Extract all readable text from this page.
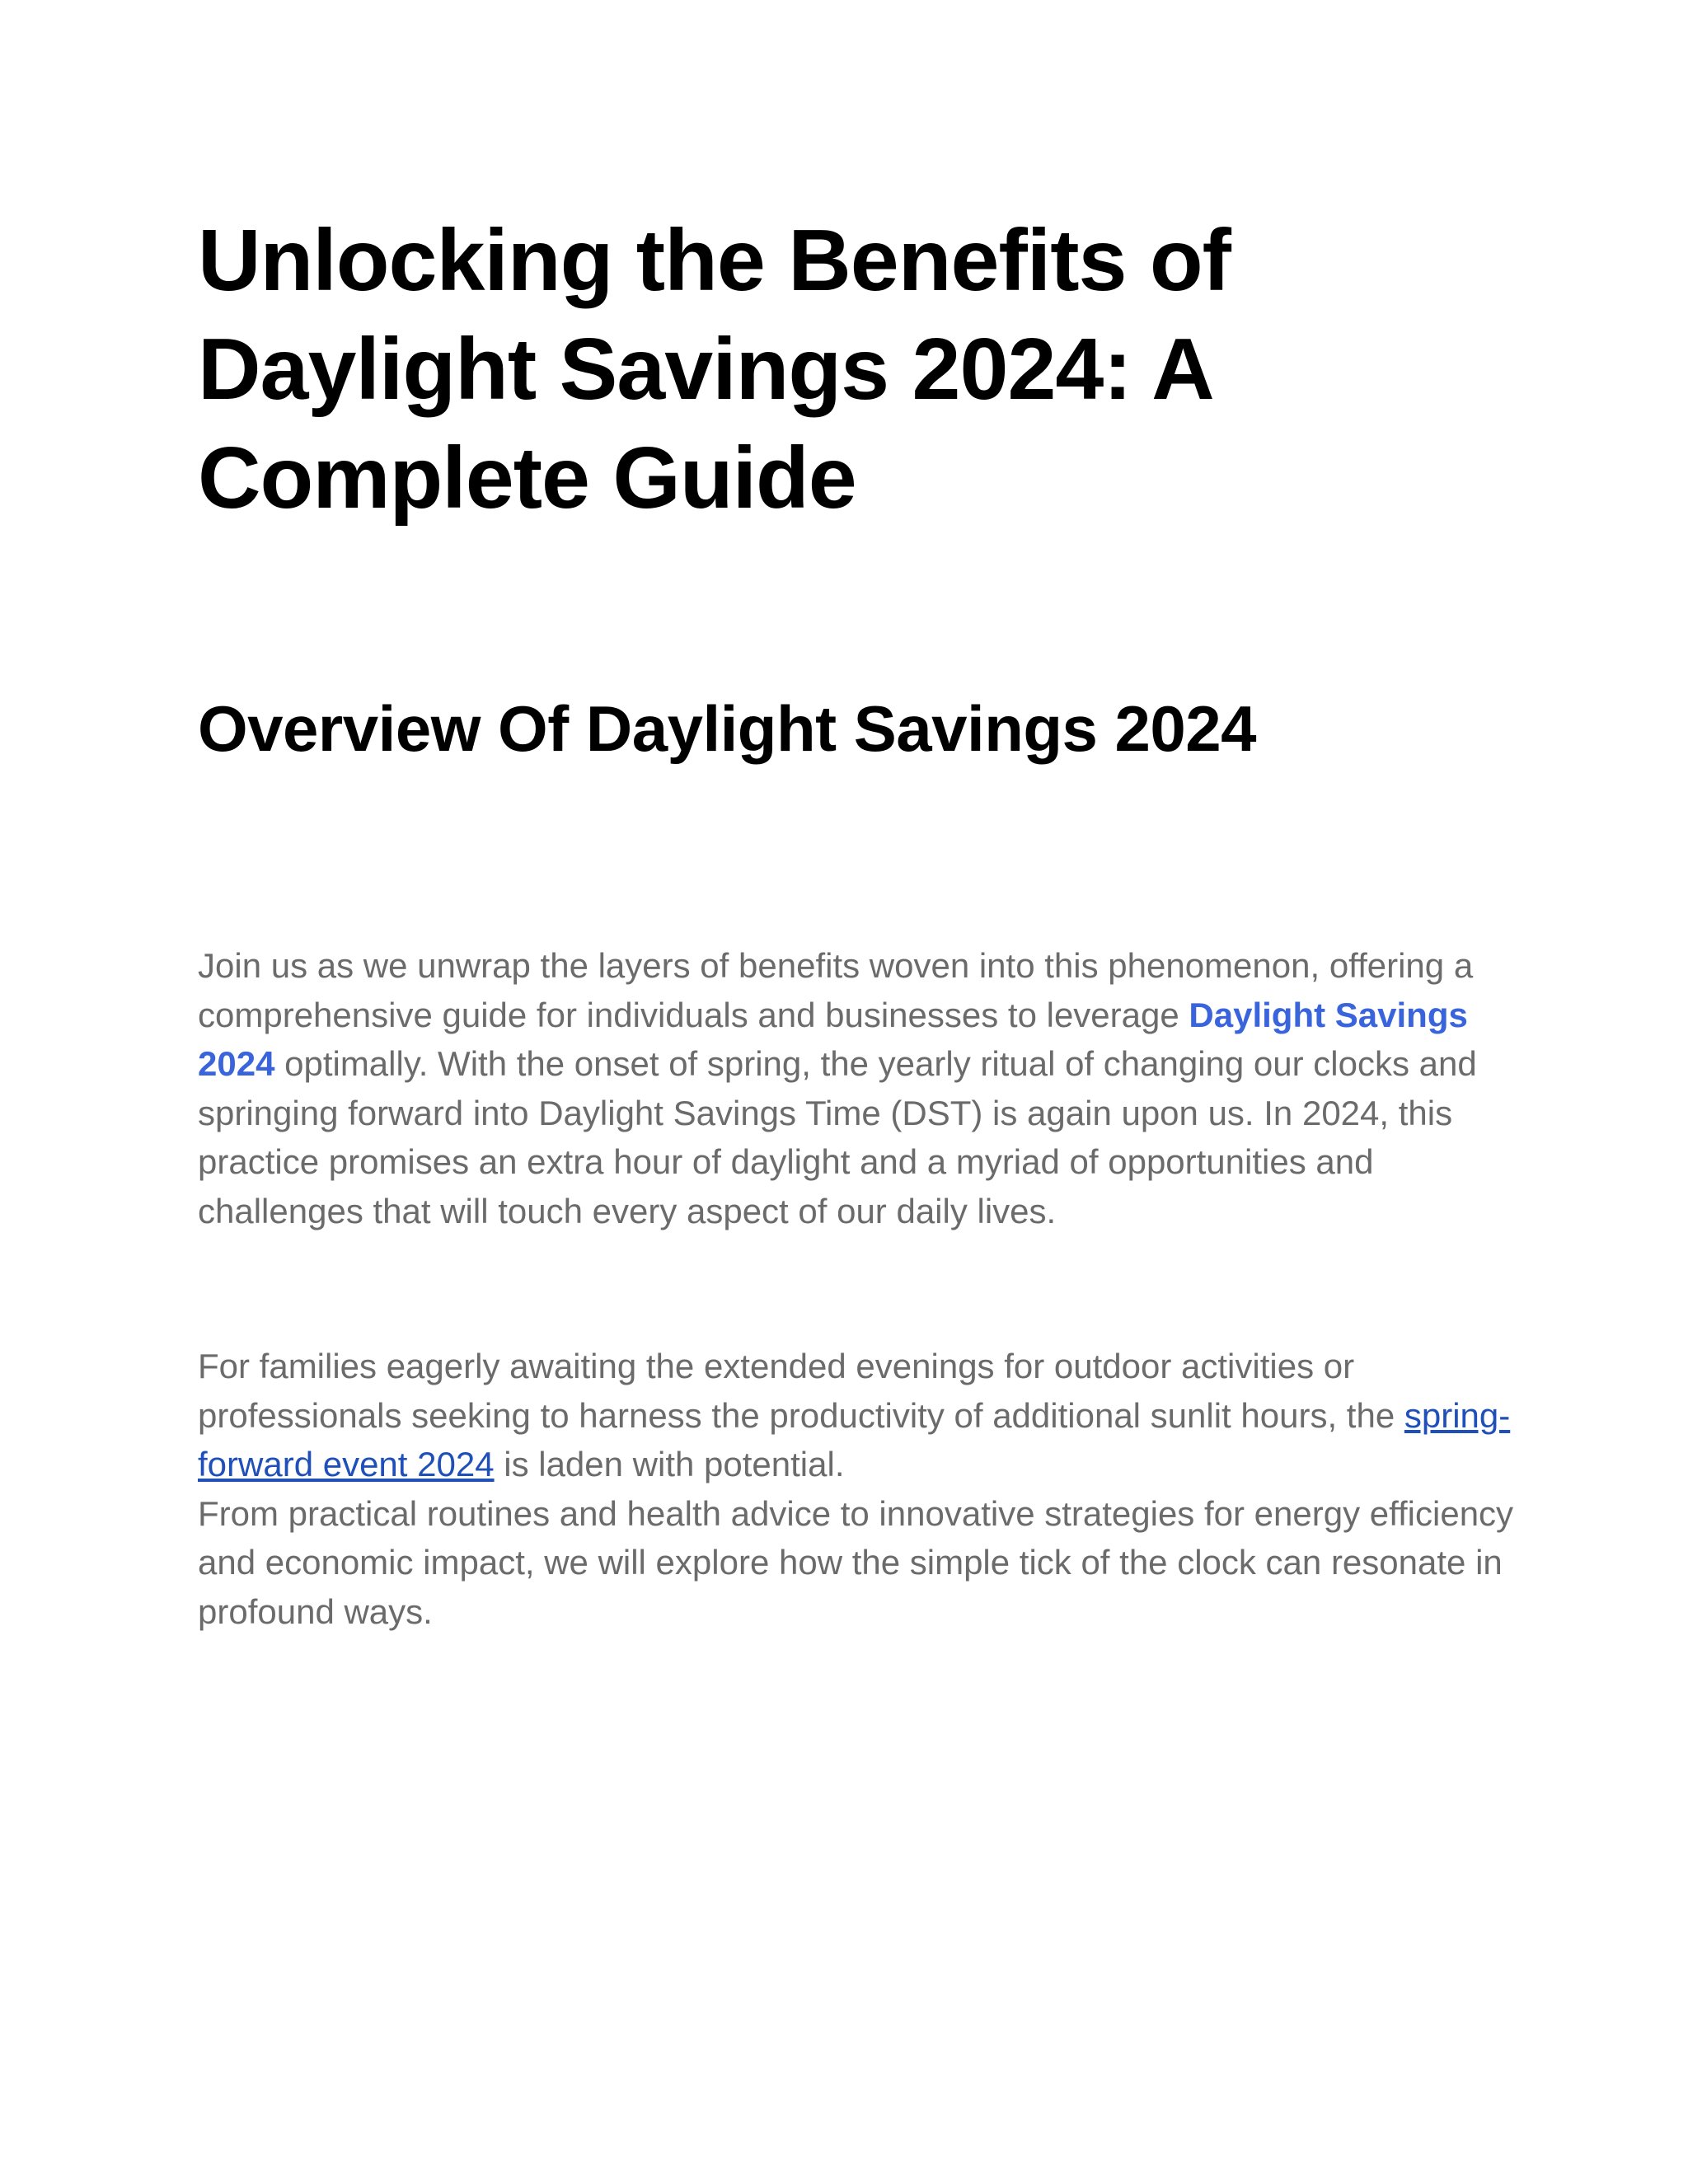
Unlocking the Benefits of Daylight Savings 2024: A Complete Guide
Overview Of Daylight Savings 2024

Join us as we unwrap the layers of benefits woven into this phenomenon, offering a comprehensive guide for individuals and businesses to leverage Daylight Savings 2024 optimally. With the onset of spring, the yearly ritual of changing our clocks and springing forward into Daylight Savings Time (DST) is again upon us. In 2024, this practice promises an extra hour of daylight and a myriad of opportunities and challenges that will touch every aspect of our daily lives.

For families eagerly awaiting the extended evenings for outdoor activities or professionals seeking to harness the productivity of additional sunlit hours, the spring-forward event 2024 is laden with potential.
From practical routines and health advice to innovative strategies for energy efficiency and economic impact, we will explore how the simple tick of the clock can resonate in profound ways.
